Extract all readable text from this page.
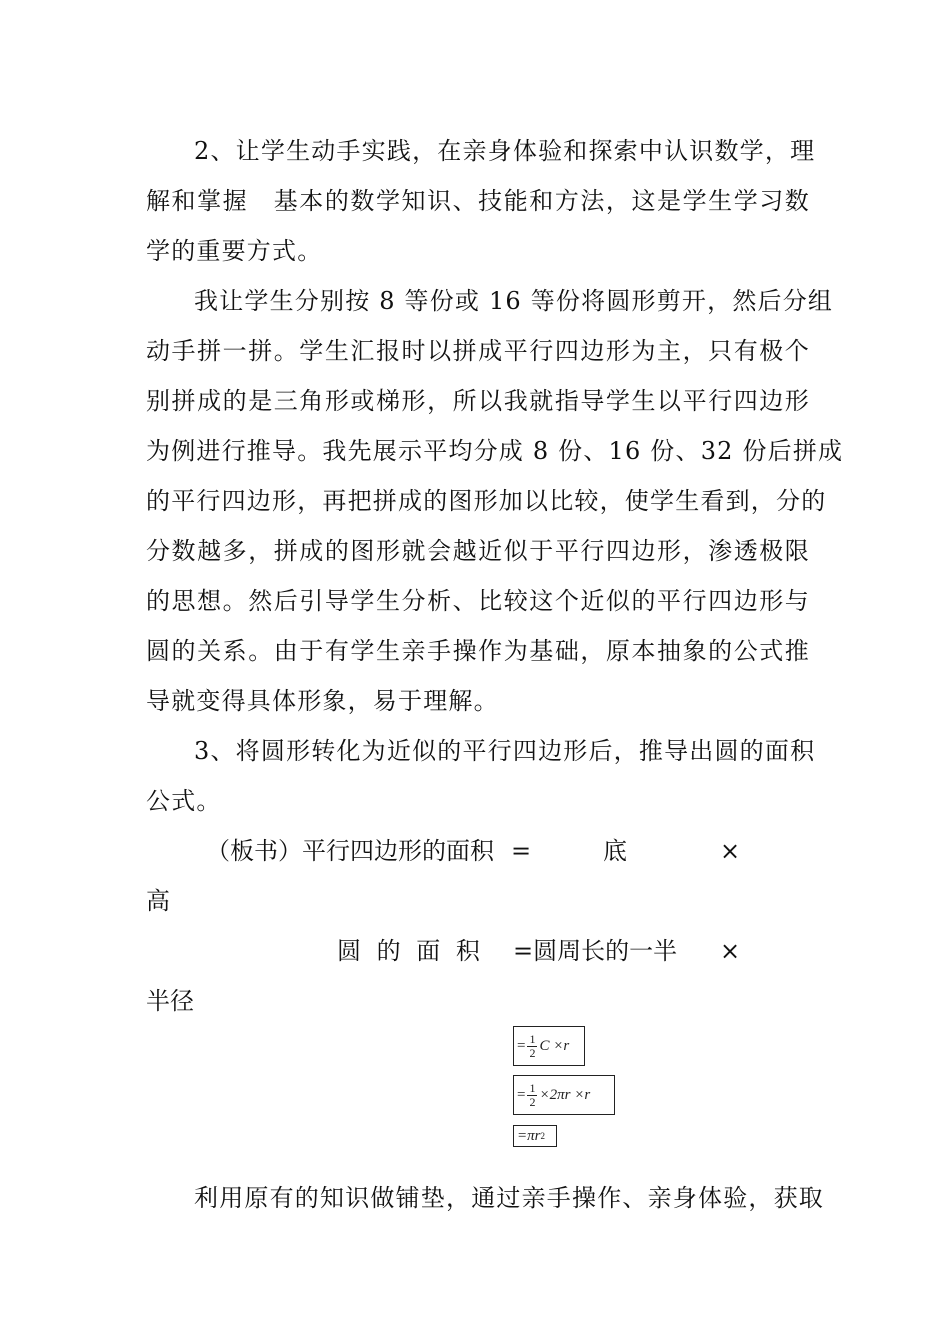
2、让学生动手实践，在亲身体验和探索中认识数学，理
解和掌握　基本的数学知识、技能和方法，这是学生学习数
学的重要方式。
我让学生分别按 8 等份或 16 等份将圆形剪开，然后分组
动手拼一拼。学生汇报时以拼成平行四边形为主，只有极个
别拼成的是三角形或梯形，所以我就指导学生以平行四边形
为例进行推导。我先展示平均分成 8 份、16 份、32 份后拼成
的平行四边形，再把拼成的图形加以比较，使学生看到，分的
分数越多，拼成的图形就会越近似于平行四边形，渗透极限
的思想。然后引导学生分析、比较这个近似的平行四边形与
圆的关系。由于有学生亲手操作为基础，原本抽象的公式推
导就变得具体形象，易于理解。
3、将圆形转化为近似的平行四边形后，推导出圆的面积
公式。
（板书）平行四边形的面积 =	底	×
高
圆 的 面 积 =圆周长的一半 ×
半径
= $\frac{1}{2}$ C ×r
= $\frac{1}{2} \times 2\pi r \times r$
=πr 2
利用原有的知识做铺垫，通过亲手操作、亲身体验，获取
